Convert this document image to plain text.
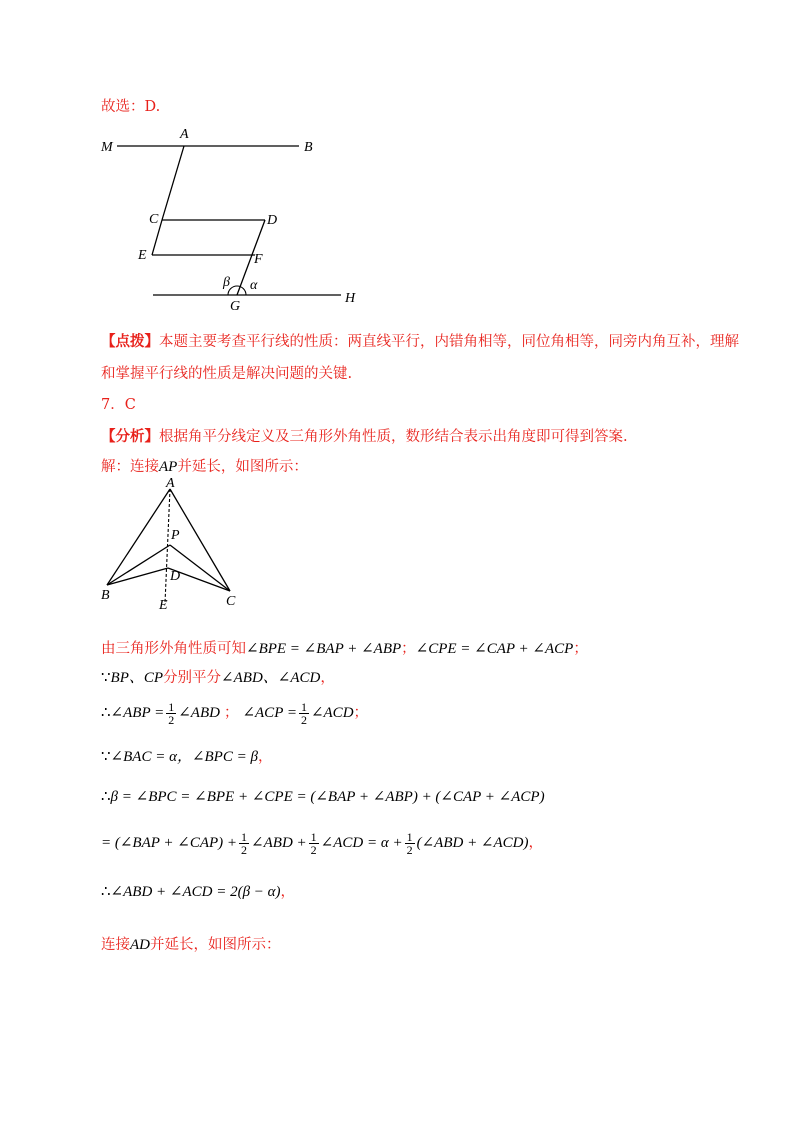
故选：D.
M
A
B
C	D
E	F
β α
G
H
【点拨】本题主要考查平行线的性质：两直线平行，内错角相等，同位角相等，同旁内角互补，理解
和掌握平行线的性质是解决问题的关键.
7．C
【分析】根据角平分线定义及三角形外角性质，数形结合表示出角度即可得到答案.
解：连接AP并延长，如图所示：
A
P
D
B
E	C
由三角形外角性质可知∠BPE = ∠BAP + ∠ABP；∠CPE = ∠CAP + ∠ACP；
∵BP、CP分别平分∠ABD、∠ACD，
∴∠ABP = $\frac{1}{2}$ ∠ABD ； ∠ACP = $\frac{1}{2}$ ∠ACD；
∵∠BAC = α，∠BPC = β，
∴β = ∠BPC = ∠BPE + ∠CPE = (∠BAP + ∠ABP) + (∠CAP + ∠ACP)
= (∠BAP + ∠CAP) + $\frac{1}{2}$ ∠ABD + $\frac{1}{2}$ ∠ACD = $\alpha + \frac{1}{2}$ (∠ABD + ∠ACD)，
∴∠ABD + ∠ACD = 2(β − α)，
连接AD并延长，如图所示：
